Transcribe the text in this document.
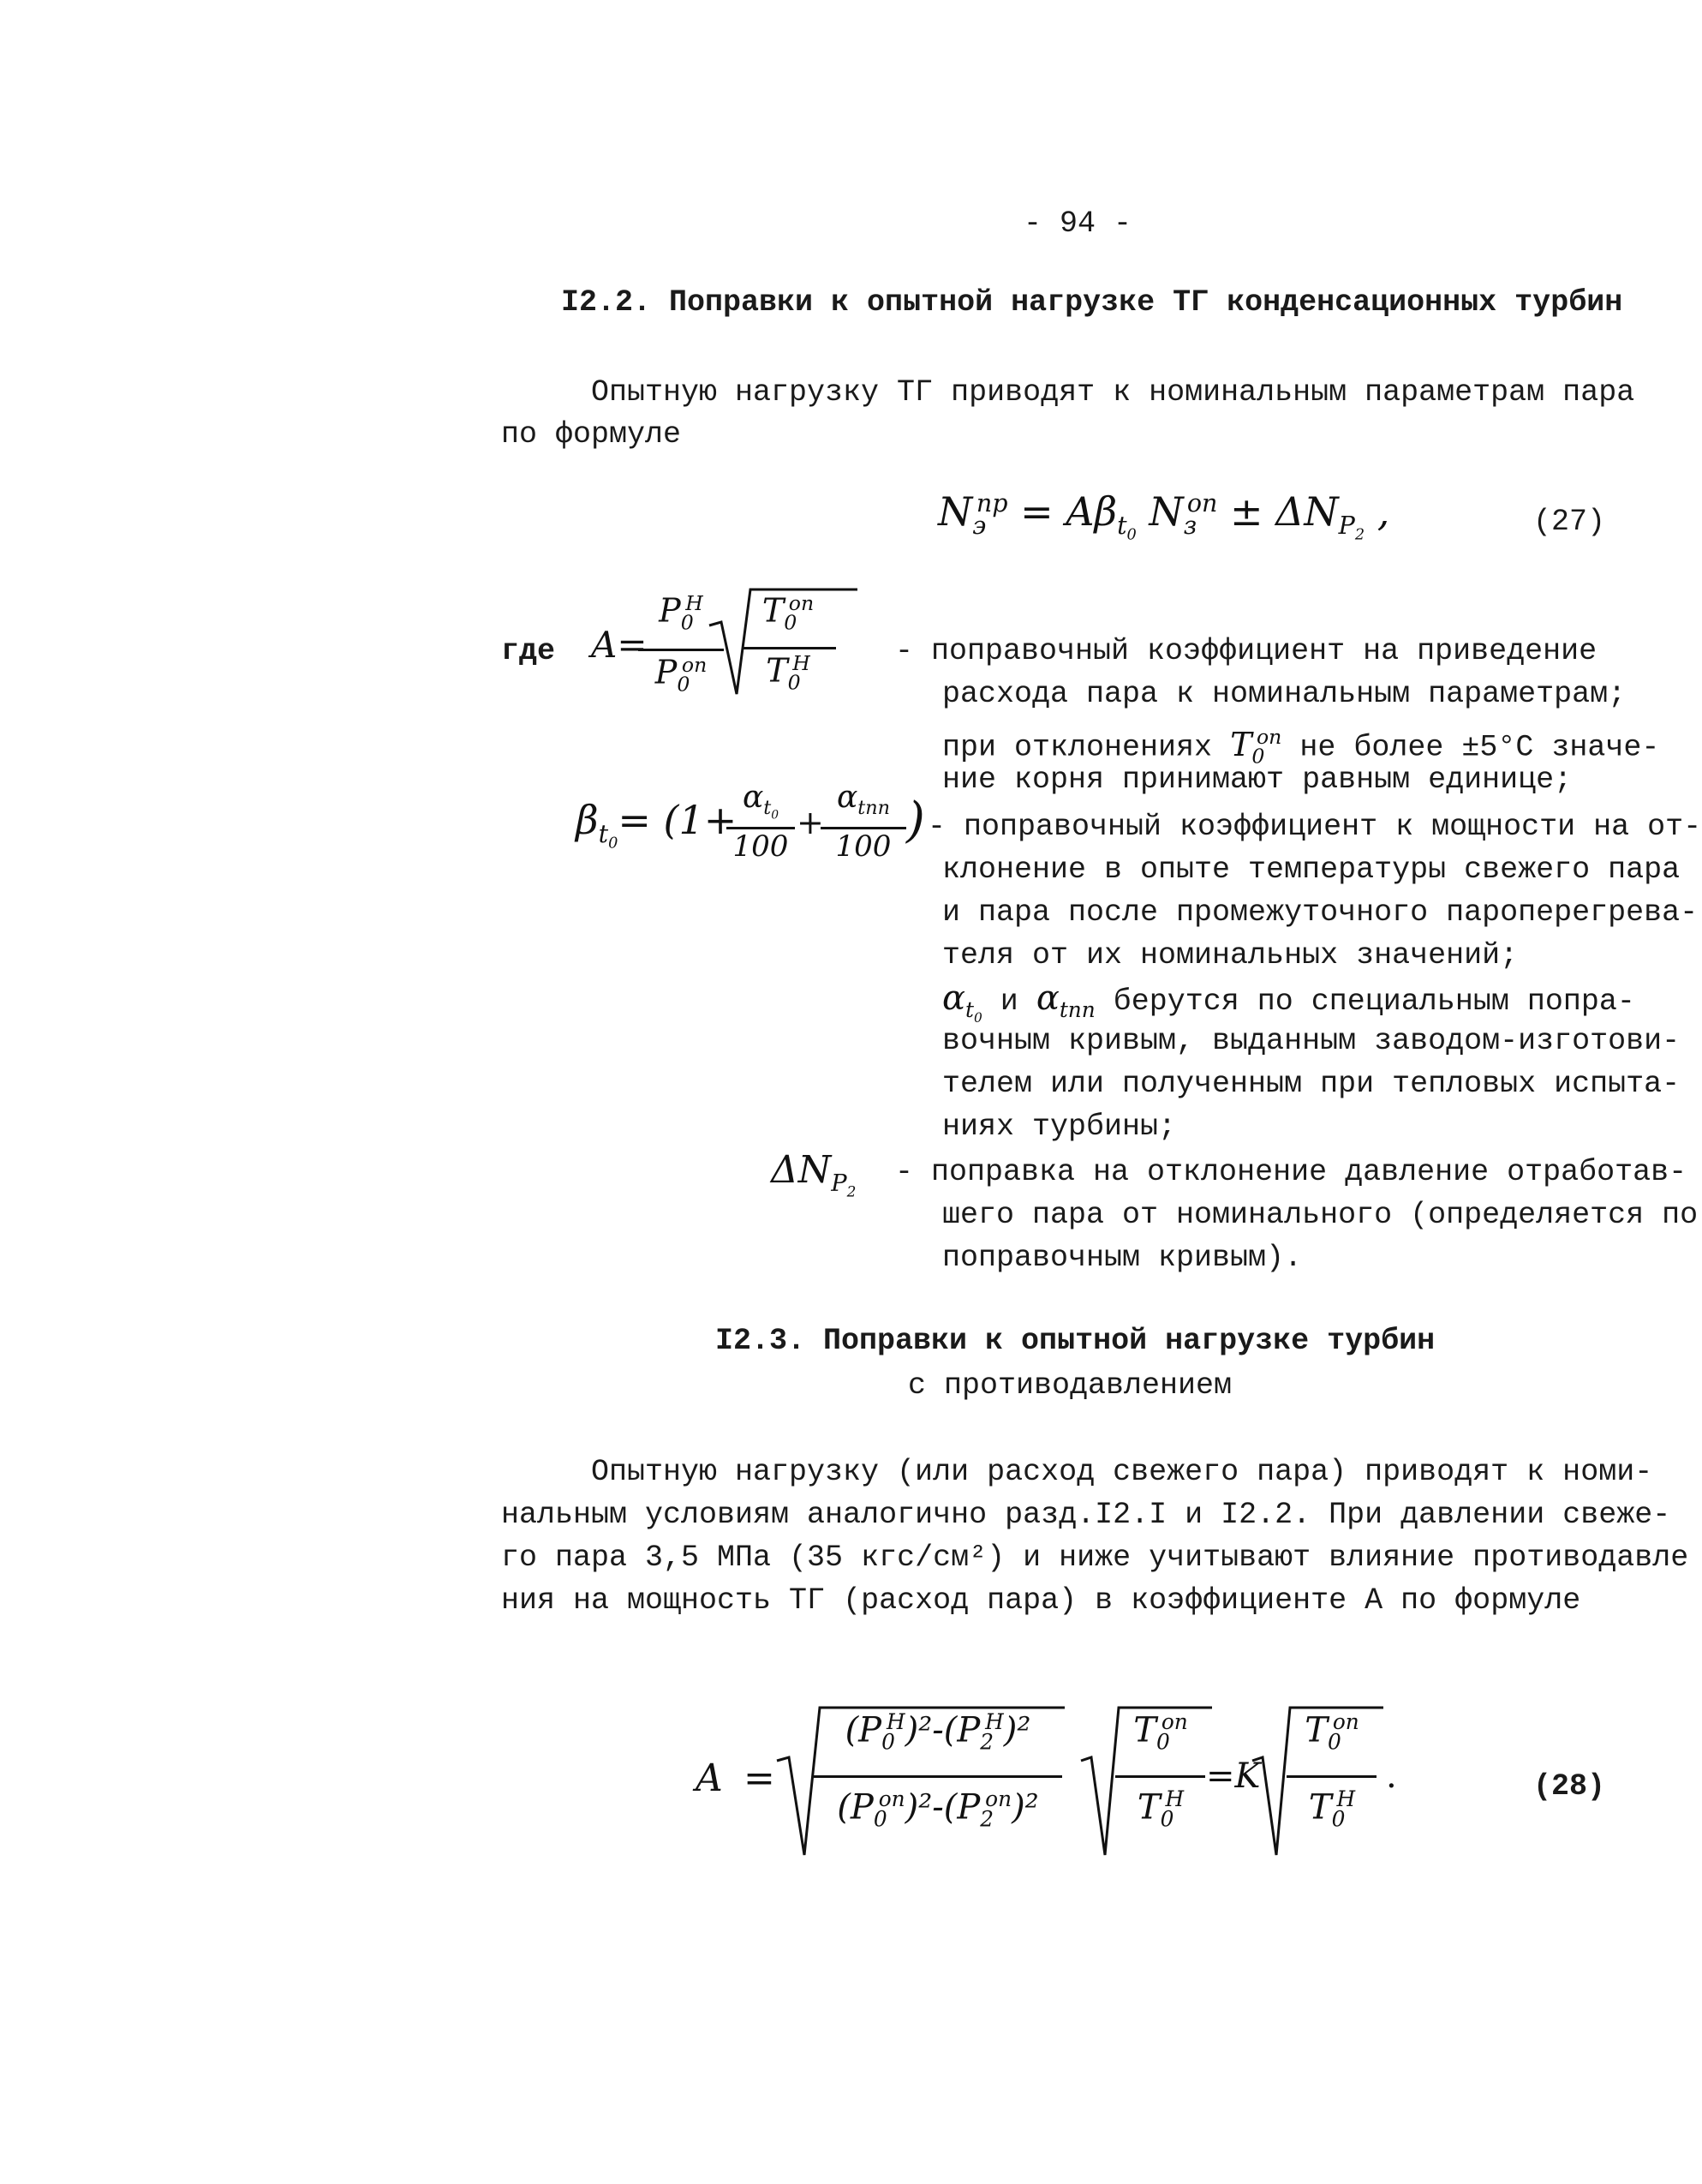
- 94 -
I2.2. Поправки к опытной нагрузке ТГ конденсационных турбин
Опытную нагрузку ТГ приводят к номинальным параметрам пара
по формуле
$N_э^{пр} = A\beta_{t_0}$ $N_з^{оп} \pm \Delta N_{P_2}$ ,	(27)
где A=
$P_0^Н$
$P_0^{оп}$
$T_0^{оп}$
$T_0^Н$	- поправочный коэффициент на приведение
расхода пара к номинальным параметрам;
при отклонениях $T_0^{оп}$ не более ±5°С значе-
ние корня принимают равным единице;
$\beta_{t_0}= (1+ \alpha_{t_0}$
100
+
$\alpha_{tпп}$
100 ) - поправочный коэффициент к мощности на от-
клонение в опыте температуры свежего пара
и пара после промежуточного пароперегрева-
теля от их номинальных значений;
$\alpha_{t_0}$ и $\alpha_{tпп}$ берутся по специальным попра-
вочным кривым, выданным заводом-изготови-
телем или полученным при тепловых испыта-
ниях турбины;
$\Delta N_{P_2}$
- поправка на отклонение давление отработав-
шего пара от номинального (определяется по
поправочным кривым).
I2.3. Поправки к опытной нагрузке турбин
с противодавлением
Опытную нагрузку (или расход свежего пара) приводят к номи-
нальным условиям аналогично разд.I2.I и I2.2. При давлении свеже-
го пара 3,5 МПа (35 кгс/см²) и ниже учитывают влияние противодавле
ния на мощность ТГ (расход пара) в коэффициенте A по формуле
A =
$(P_0^Н)^2-(P_2^Н)^2$
$(P_0^{оп})^2-(P_2^{оп})^2$
$T_0^{оп}$
$T_0^Н$
=K
$T_0^{оп}$
$T_0^Н$
.	(28)
